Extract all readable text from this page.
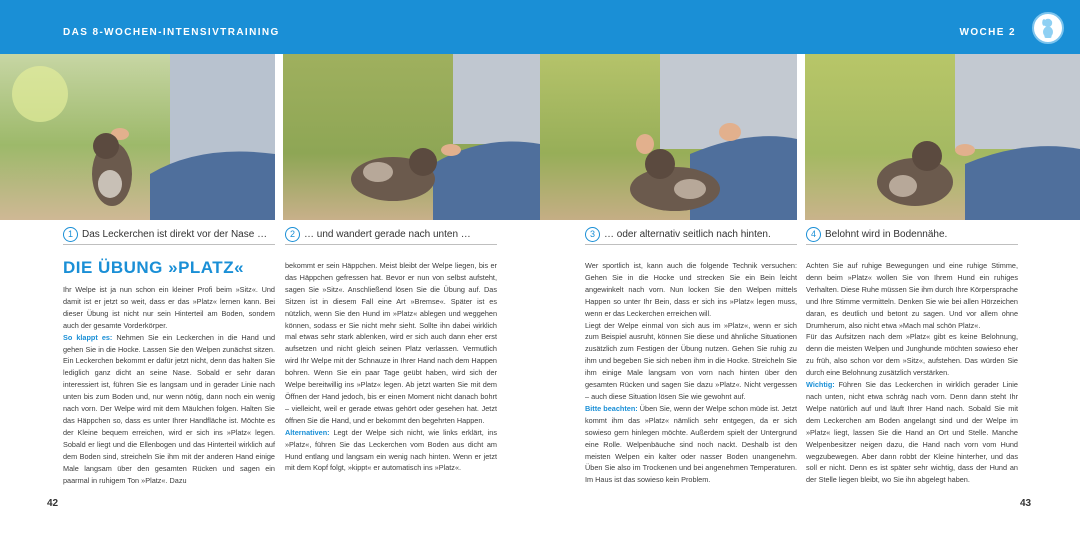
DAS 8-WOCHEN-INTENSIVTRAINING	WOCHE 2
1 Das Leckerchen ist direkt vor der Nase …	2 … und wandert gerade nach unten …	3 … oder alternativ seitlich nach hinten.	4 Belohnt wird in Bodennähe.
DIE ÜBUNG »PLATZ«

Ihr Welpe ist ja nun schon ein kleiner Profi beim »Sitz«. Und damit ist er jetzt so weit, dass er das »Platz« lernen kann. Bei dieser Übung ist nicht nur sein Hinterteil am Boden, sondern auch der gesamte Vorderkörper.

So klappt es: Nehmen Sie ein Leckerchen in die Hand und gehen Sie in die Hocke. Lassen Sie den Welpen zunächst sitzen. Ein Leckerchen bekommt er dafür jetzt nicht, denn das halten Sie lediglich ganz dicht an seine Nase. Sobald er sehr daran interessiert ist, führen Sie es langsam und in gerader Linie nach unten bis zum Boden und, nur wenn nötig, dann noch ein wenig nach vorn. Der Welpe wird mit dem Mäulchen folgen. Halten Sie das Häppchen so, dass es unter Ihrer Handfläche ist. Möchte es der Kleine bequem erreichen, wird er sich ins »Platz« legen. Sobald er liegt und die Ellenbogen und das Hinterteil wirklich auf dem Boden sind, streicheln Sie ihm mit der anderen Hand einige Male langsam über den gesamten Rücken und sagen ein paarmal in ruhigem Ton »Platz«. Dazu

bekommt er sein Häppchen. Meist bleibt der Welpe liegen, bis er das Häppchen gefressen hat. Bevor er nun von selbst aufsteht, sagen Sie »Sitz«. Anschließend lösen Sie die Übung auf. Das Sitzen ist in diesem Fall eine Art »Bremse«. Später ist es nützlich, wenn Sie den Hund im »Platz« ablegen und weggehen können, sodass er Sie nicht mehr sieht. Sollte ihn dabei wirklich mal etwas sehr stark ablenken, wird er sich auch dann eher erst aufsetzen und nicht gleich seinen Platz verlassen. Vermutlich wird Ihr Welpe mit der Schnauze in Ihrer Hand nach dem Happen bohren. Wenn Sie ein paar Tage geübt haben, wird sich der Welpe bereitwillig ins »Platz« legen. Ab jetzt warten Sie mit dem Öffnen der Hand jedoch, bis er einen Moment nicht danach bohrt – vielleicht, weil er gerade etwas gehört oder gesehen hat. Jetzt öffnen Sie die Hand, und er bekommt den begehrten Happen.

Alternativen: Legt der Welpe sich nicht, wie links erklärt, ins »Platz«, führen Sie das Leckerchen vom Boden aus dicht am Hund entlang und langsam ein wenig nach hinten. Wenn er jetzt mit dem Kopf folgt, »kippt« er automatisch ins »Platz«.

Wer sportlich ist, kann auch die folgende Technik versuchen: Gehen Sie in die Hocke und strecken Sie ein Bein leicht angewinkelt nach vorn. Nun locken Sie den Welpen mittels Happen so unter Ihr Bein, dass er sich ins »Platz« legen muss, wenn er das Leckerchen erreichen will.

Liegt der Welpe einmal von sich aus im »Platz«, wenn er sich zum Beispiel ausruht, können Sie diese und ähnliche Situationen zusätzlich zum Festigen der Übung nutzen. Gehen Sie ruhig zu ihm und begeben Sie sich neben ihm in die Hocke. Streicheln Sie ihm einige Male langsam von vorn nach hinten über den gesamten Rücken und sagen Sie dazu »Platz«. Nicht vergessen – auch diese Situation lösen Sie wie gewohnt auf.

Bitte beachten: Üben Sie, wenn der Welpe schon müde ist. Jetzt kommt ihm das »Platz« nämlich sehr entgegen, da er sich sowieso gern hinlegen möchte. Außerdem spielt der Untergrund eine Rolle. Welpenbäuche sind noch nackt. Deshalb ist den meisten Welpen ein kalter oder nasser Boden unangenehm. Üben Sie also im Trockenen und bei angenehmen Temperaturen. Im Haus ist das sowieso kein Problem.

Achten Sie auf ruhige Bewegungen und eine ruhige Stimme, denn beim »Platz« wollen Sie von Ihrem Hund ein ruhiges Verhalten. Diese Ruhe müssen Sie ihm durch Ihre Körpersprache und Ihre Stimme vermitteln. Denken Sie wie bei allen Hörzeichen daran, es deutlich und betont zu sagen. Und vor allem ohne Drumherum, also nicht etwa »Mach mal schön Platz«.

Für das Aufsitzen nach dem »Platz« gibt es keine Belohnung, denn die meisten Welpen und Junghunde möchten sowieso eher zu früh, also schon vor dem »Sitz«, aufstehen. Das würden Sie durch eine Belohnung zusätzlich verstärken.

Wichtig: Führen Sie das Leckerchen in wirklich gerader Linie nach unten, nicht etwa schräg nach vorn. Denn dann steht Ihr Welpe natürlich auf und läuft Ihrer Hand nach. Sobald Sie mit dem Leckerchen am Boden angelangt sind und der Welpe im »Platz« liegt, lassen Sie die Hand an Ort und Stelle. Manche Welpenbesitzer neigen dazu, die Hand nach vorn vom Hund wegzubewegen. Aber dann robbt der Kleine hinterher, und das soll er nicht. Denn es ist später sehr wichtig, dass der Hund an der Stelle liegen bleibt, wo Sie ihn abgelegt haben.

42	43
